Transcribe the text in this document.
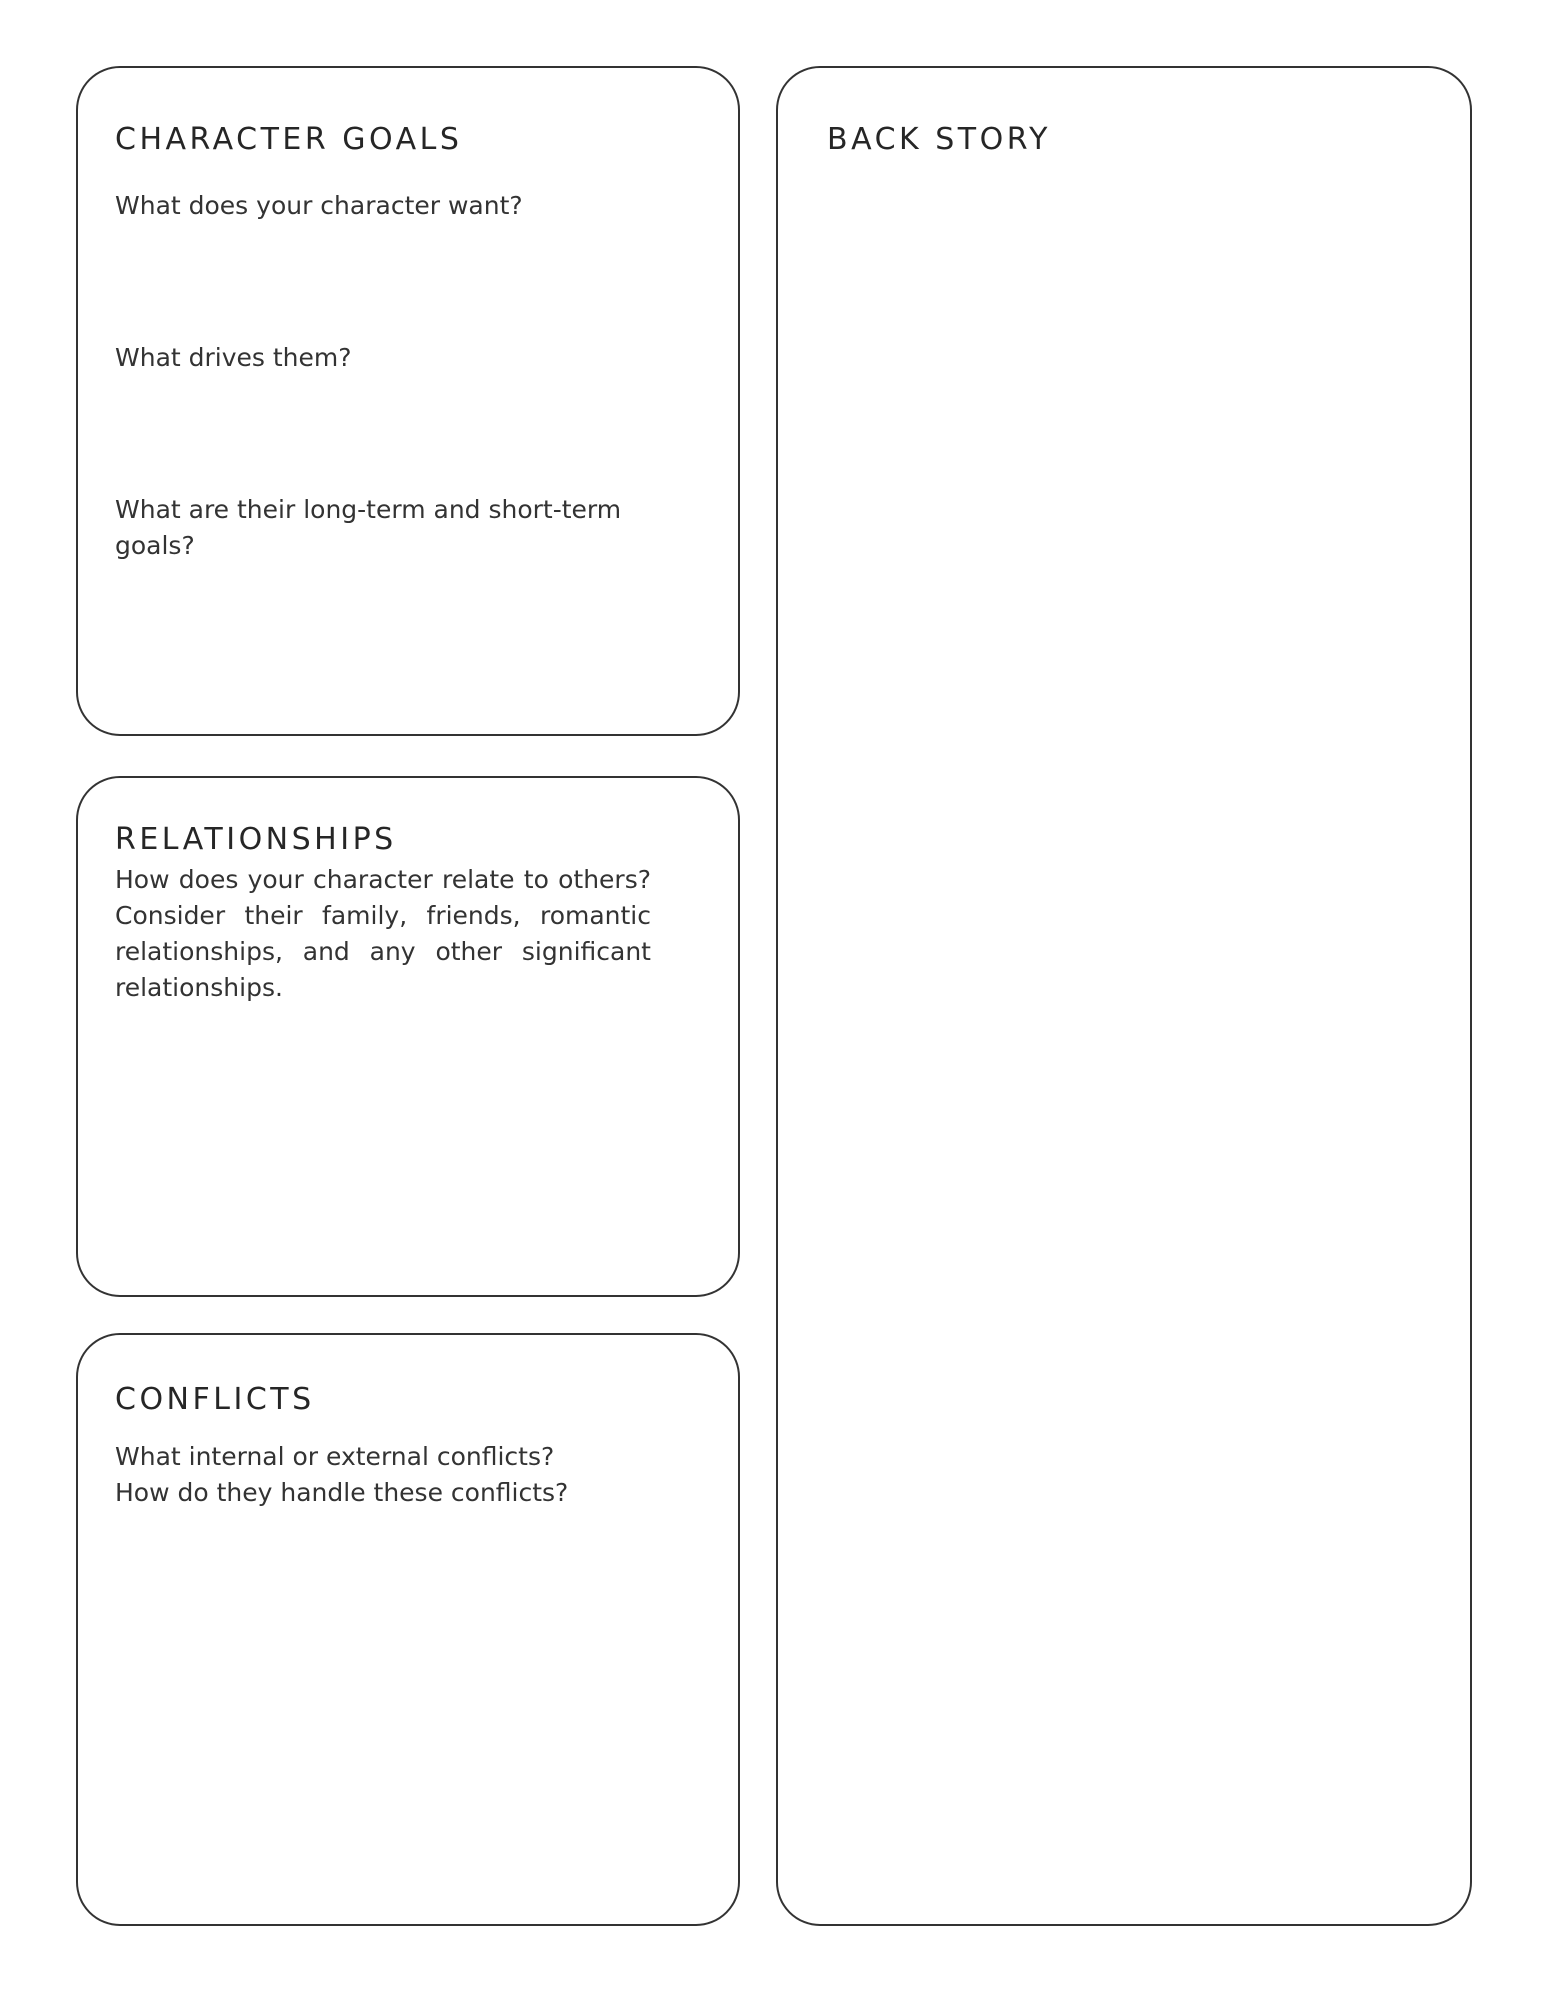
CHARACTER GOALS

What does your character want?

What drives them?

What are their long-term and short-term goals?

RELATIONSHIPS

How does your character relate to others? Consider their family, friends, romantic relationships, and any other significant relationships.

CONFLICTS

What internal or external conflicts?

How do they handle these conflicts?

BACK STORY
